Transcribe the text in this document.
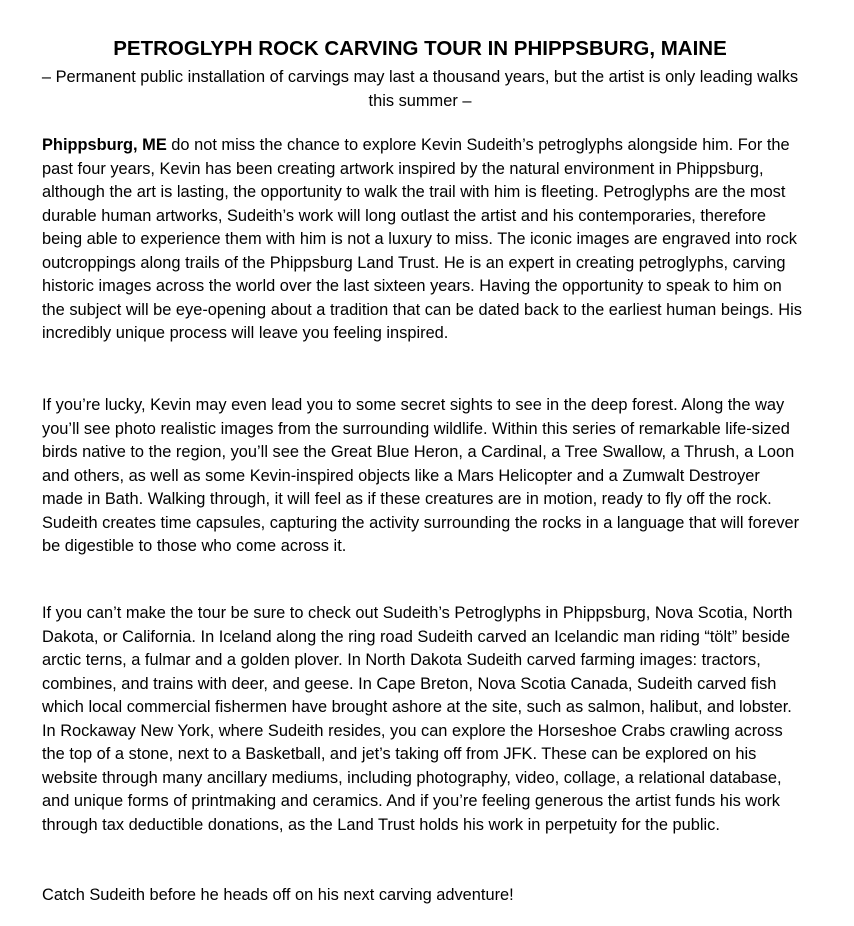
PETROGLYPH ROCK CARVING TOUR IN PHIPPSBURG, MAINE

– Permanent public installation of carvings may last a thousand years, but the artist is only leading walks this summer –

Phippsburg, ME do not miss the chance to explore Kevin Sudeith’s petroglyphs alongside him. For the past four years, Kevin has been creating artwork inspired by the natural environment in Phippsburg, although the art is lasting, the opportunity to walk the trail with him is fleeting. Petroglyphs are the most durable human artworks, Sudeith’s work will long outlast the artist and his contemporaries, therefore being able to experience them with him is not a luxury to miss. The iconic images are engraved into rock outcroppings along trails of the Phippsburg Land Trust. He is an expert in creating petroglyphs, carving historic images across the world over the last sixteen years. Having the opportunity to speak to him on the subject will be eye-opening about a tradition that can be dated back to the earliest human beings. His incredibly unique process will leave you feeling inspired.

If you’re lucky, Kevin may even lead you to some secret sights to see in the deep forest. Along the way you’ll see photo realistic images from the surrounding wildlife. Within this series of remarkable life-sized birds native to the region, you’ll see the Great Blue Heron, a Cardinal, a Tree Swallow, a Thrush, a Loon and others, as well as some Kevin-inspired objects like a Mars Helicopter and a Zumwalt Destroyer made in Bath. Walking through, it will feel as if these creatures are in motion, ready to fly off the rock. Sudeith creates time capsules, capturing the activity surrounding the rocks in a language that will forever be digestible to those who come across it.

If you can’t make the tour be sure to check out Sudeith’s Petroglyphs in Phippsburg, Nova Scotia, North Dakota, or California. In Iceland along the ring road Sudeith carved an Icelandic man riding “tölt” beside arctic terns, a fulmar and a golden plover. In North Dakota Sudeith carved farming images: tractors, combines, and trains with deer, and geese. In Cape Breton, Nova Scotia Canada, Sudeith carved fish which local commercial fishermen have brought ashore at the site, such as salmon, halibut, and lobster. In Rockaway New York, where Sudeith resides, you can explore the Horseshoe Crabs crawling across the top of a stone, next to a Basketball, and jet’s taking off from JFK. These can be explored on his website through many ancillary mediums, including photography, video, collage, a relational database, and unique forms of printmaking and ceramics. And if you’re feeling generous the artist funds his work through tax deductible donations, as the Land Trust holds his work in perpetuity for the public.

Catch Sudeith before he heads off on his next carving adventure!
